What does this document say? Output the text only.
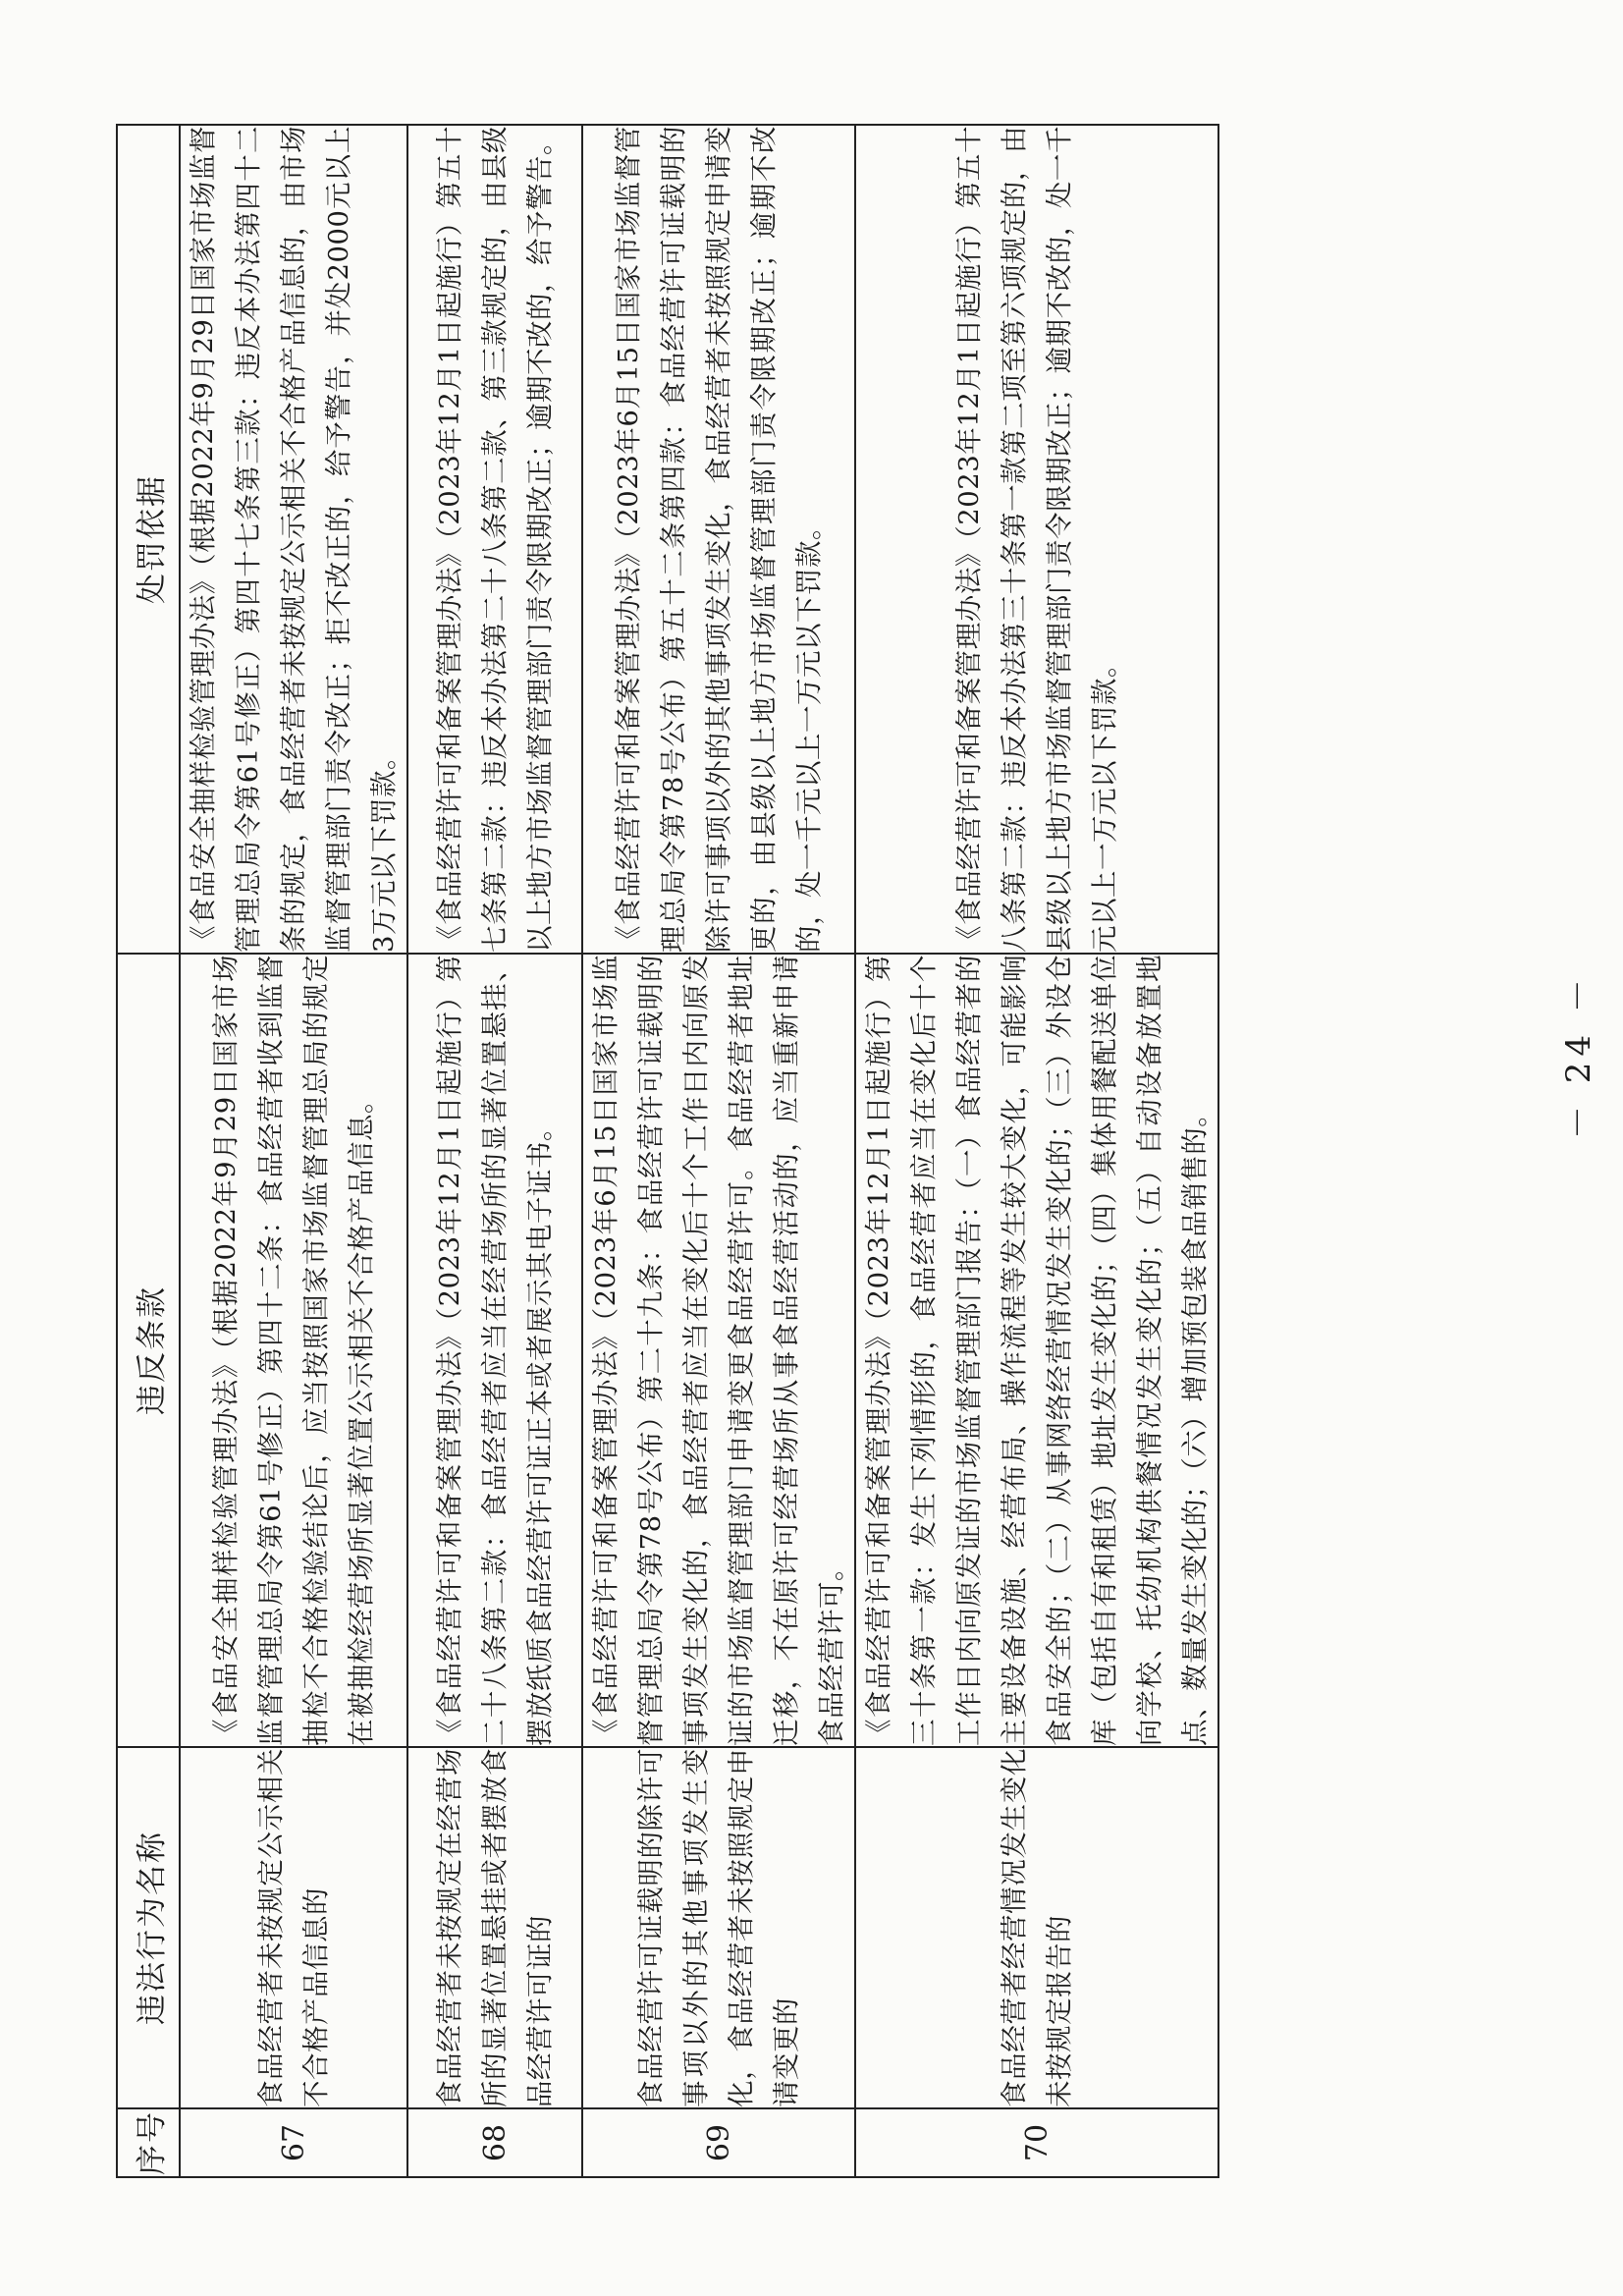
序号	违法行为名称	违反条款	处罚依据
67	食品经营者未按规定公示相关不合格产品信息的	《食品安全抽样检验管理办法》（根据2022年9月29日国家市场监督管理总局令第61号修正）第四十二条：食品经营者收到监督抽检不合格检验结论后，应当按照国家市场监督管理总局的规定在被抽检经营场所显著位置公示相关不合格产品信息。	《食品安全抽样检验管理办法》（根据2022年9月29日国家市场监督管理总局令第61号修正）第四十七条第三款：违反本办法第四十二条的规定，食品经营者未按规定公示相关不合格产品信息的，由市场监督管理部门责令改正；拒不改正的，给予警告，并处2000元以上3万元以下罚款。
68	食品经营者未按规定在经营场所的显著位置悬挂或者摆放食品经营许可证的	《食品经营许可和备案管理办法》（2023年12月1日起施行）第二十八条第二款：食品经营者应当在经营场所的显著位置悬挂、摆放纸质食品经营许可证正本或者展示其电子证书。	《食品经营许可和备案管理办法》（2023年12月1日起施行）第五十七条第二款：违反本办法第二十八条第二款、第三款规定的，由县级以上地方市场监督管理部门责令限期改正；逾期不改的，给予警告。
69	食品经营许可证载明的除许可事项以外的其他事项发生变化，食品经营者未按照规定申请变更的	《食品经营许可和备案管理办法》（2023年6月15日国家市场监督管理总局令第78号公布）第二十九条：食品经营许可证载明的事项发生变化的，食品经营者应当在变化后十个工作日内向原发证的市场监督管理部门申请变更食品经营许可。食品经营者地址迁移，不在原许可经营场所从事食品经营活动的，应当重新申请食品经营许可。	《食品经营许可和备案管理办法》（2023年6月15日国家市场监督管理总局令第78号公布）第五十二条第四款：食品经营许可证载明的除许可事项以外的其他事项发生变化，食品经营者未按照规定申请变更的，由县级以上地方市场监督管理部门责令限期改正；逾期不改的，处一千元以上一万元以下罚款。
70	食品经营者经营情况发生变化未按规定报告的	《食品经营许可和备案管理办法》（2023年12月1日起施行）第三十条第一款：发生下列情形的，食品经营者应当在变化后十个工作日内向原发证的市场监督管理部门报告：（一）食品经营者的主要设备设施、经营布局、操作流程等发生较大变化，可能影响食品安全的；（二）从事网络经营情况发生变化的；（三）外设仓库（包括自有和租赁）地址发生变化的；（四）集体用餐配送单位向学校、托幼机构供餐情况发生变化的；（五）自动设备放置地点、数量发生变化的；（六）增加预包装食品销售的。	《食品经营许可和备案管理办法》（2023年12月1日起施行）第五十八条第二款：违反本办法第三十条第一款第二项至第六项规定的，由县级以上地方市场监督管理部门责令限期改正；逾期不改的，处一千元以上一万元以下罚款。
－ 24 －
